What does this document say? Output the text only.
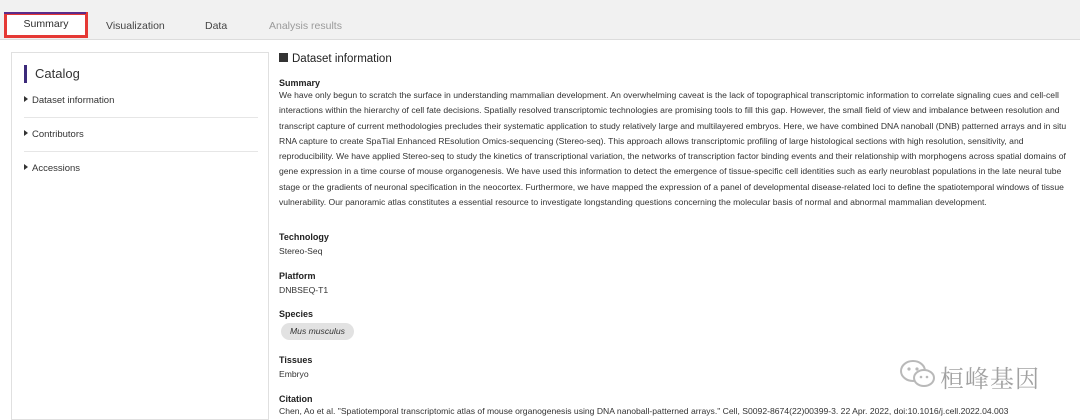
Summary	Visualization	Data	Analysis results
Catalog
Dataset information
Contributors
Accessions
Dataset information
Summary
We have only begun to scratch the surface in understanding mammalian development. An overwhelming caveat is the lack of topographical transcriptomic information to correlate signaling cues and cell-cell interactions within the hierarchy of cell fate decisions. Spatially resolved transcriptomic technologies are promising tools to fill this gap. However, the small field of view and imbalance between resolution and transcript capture of current methodologies precludes their systematic application to study relatively large and multilayered embryos. Here, we have combined DNA nanoball (DNB) patterned arrays and in situ RNA capture to create SpaTial Enhanced REsolution Omics-sequencing (Stereo-seq). This approach allows transcriptomic profiling of large histological sections with high resolution, sensitivity, and reproducibility. We have applied Stereo-seq to study the kinetics of transcriptional variation, the networks of transcription factor binding events and their relationship with morphogens across spatial domains of gene expression in a time course of mouse organogenesis. We have used this information to detect the emergence of tissue-specific cell identities such as early neuroblast populations in the late neural tube stage or the gradients of neuronal specification in the neocortex. Furthermore, we have mapped the expression of a panel of developmental disease-related loci to define the spatiotemporal windows of tissue vulnerability. Our panoramic atlas constitutes a essential resource to investigate longstanding questions concerning the molecular basis of normal and abnormal mammalian development.
Technology
Stereo-Seq
Platform
DNBSEQ-T1
Species
Mus musculus
Tissues
Embryo
Citation
Chen, Ao et al. "Spatiotemporal transcriptomic atlas of mouse organogenesis using DNA nanoball-patterned arrays." Cell, S0092-8674(22)00399-3. 22 Apr. 2022, doi:10.1016/j.cell.2022.04.003
桓峰基因
